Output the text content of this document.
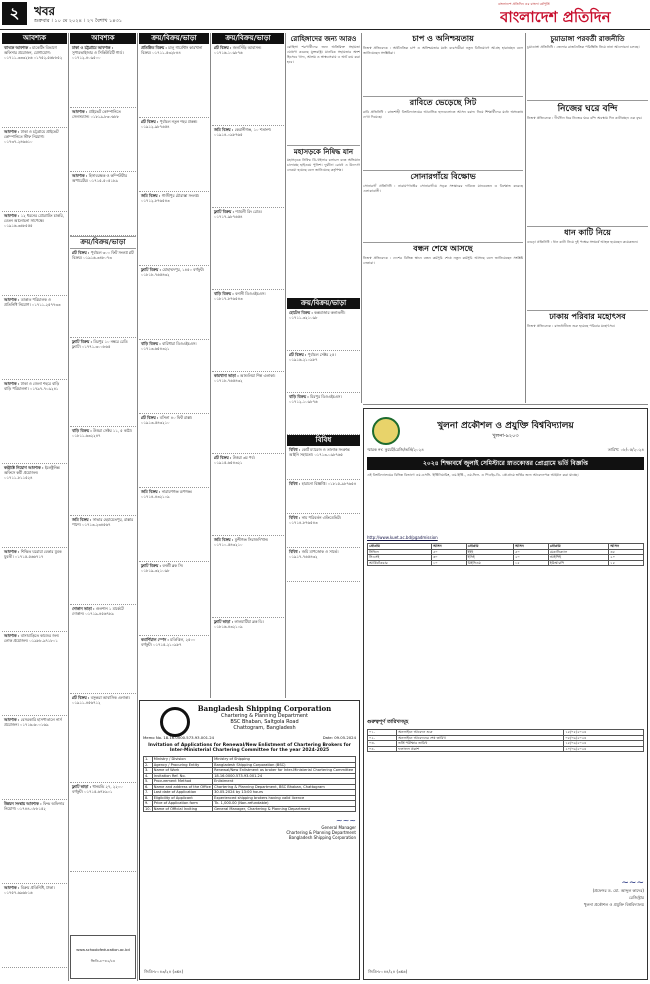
২	খবর
শুক্রবার । ১০ মে ২০২৪ । ২৭ বৈশাখ ১৪৩১
বাংলাদেশ প্রতিদিন এর বাংলা বর্ষপূর্তি
বাংলাদেশ প্রতিদিন
আবশ্যক
ব্যাংকে আবশ্যক : মাকেটিং বিভাগে অফিসার প্রয়োজন, যোগাযোগ: ০১৭১১-৩৩৩২৮৬ ০১৭৫২-৫৬৮৮৫২
আবশ্যক : ঢাকা ও চট্টগ্রামে প্রাইভেট কোম্পানিতে স্টাফ নিয়োগ। ০১৭৩৭-২৪৬৬১০
আবশ্যক : ১২ ধরনের প্রোগ্রামিং চাকরি, বেতন আলোচনা সাপেক্ষে। ০১৯১৬-৩৬৮৫৫৫
আবশ্যক : ডাকাত পরিচালক ও প্রতিনিধি নিয়োগ। ০১৭১১-২৫৭৭৩৩
আবশ্যক : ঢাকা ও জেলা শহরে বাড়ি বাড়ি পরিচালনা। ০১৭৯৭-৭০৯২৪১
কন্ট্রাক্টে নিয়োগ আবশ্যক : ইলেক্ট্রনিক্স অফিসে কর্মী প্রয়োজন। ০১৭১১-৮১১৫২৪
আবশ্যক : শিক্ষিত ঘরোয়া বেকার যুবক যুবতী। ০১৭১৫-৫৬৬৭১৭
আবশ্যক : বাসাবাড়িতে কাজের জন্য লোক প্রয়োজন। ০১৯৮৮-৯৭১৮০১
আবশ্যক : বেসরকারি হাসপাতালে নার্স প্রয়োজন। ০১৭১৬-৬০০১৬৯
উন্নয়ন সংস্থায় আবশ্যক : ফিল্ড অফিসার নিয়োগ। ০১৭৪৪-০৮৮১৫২
আবশ্যক : বিক্রয় প্রতিনিধি, ঢাকা। ০১৭৫৭-৬৯৬৮১৬
আবশ্যক
ঢাকা ও চট্টগ্রামে আবশ্যক : সুপারভাইজার ও সিকিউরিটি গার্ড। ০১৭১২-৪০৯৫০০
আবশ্যক : প্রাইভেট কোম্পানিতে সেলসম্যান। ০১৮১৯-৮৩০৬৮৮
আবশ্যক : হিসাবরক্ষক ও কম্পিউটার অপারেটর। ০১৭১৫-৫০৫১৮৯
ক্রয়/বিক্রয়/ভাড়া
প্লট বিক্রয় : পূর্বাচল ৩০০ ফিট সংলগ্ন প্লট বিক্রয়। ০১৯১৬-৩৪৮০৭৩
ফ্ল্যাট বিক্রয় : মিরপুর ১০ নম্বরে রেডি ফ্ল্যাট। ০১৭৭১-৩০০৮৬৫
বাড়ি বিক্রয় : উত্তরা সেক্টর ১১, ৫ কাঠা। ০১৮১১-৬৩২২৪৭
জমি বিক্রয় : সাভার হেমায়েতপুর, রাস্তার পাশে। ০১৭১৩-২৩৪৫৬৭
দোকান ভাড়া : গুলশান ১ মার্কেটে দোকান। ০১৭১৯-৪৫৬৭৮৯
প্লট বিক্রয় : বসুন্ধরা আবাসিক এলাকা। ০১৯১১-৪৫৬৭১২
ফ্ল্যাট ভাড়া : ধানমন্ডি ২৭, ২২০০ বর্গফুট। ০১৭১৫-৬৭৮৯০১
ক্রয়/বিক্রয়/ভাড়া
প্রতিষ্ঠিত বিক্রয় : চালু গার্মেন্টস কারখানা বিক্রয়। ০১৭১১-৫৩২৮৪৪
প্লট বিক্রয় : পূর্বাচল নতুন শহর প্রকল্প। ০১৯১২-৯৮৭৬৫৪
জমি বিক্রয় : গাজীপুর চৌরাস্তা সংলগ্ন। ০১৭১২-৮৭৬৫৪৩
ফ্ল্যাট বিক্রয় : মোহাম্মদপুর, ১৪৫০ বর্গফুট। ০১৮১৮-৭৬৫৪৩২
বাড়ি বিক্রয় : বারিধারা ডিওএইচএস। ০১৭১৩-৬৫৪৩২১
প্লট বিক্রয় : বসিলা ৪০ ফিট রাস্তা। ০১৯১৩-৫৪৩২১০
জমি বিক্রয় : নারায়ণগঞ্জ রূপগঞ্জ। ০১৭১৪-৪৩২১০৯
ফ্ল্যাট বিক্রয় : বনশ্রী ব্লক সি। ০১৮১৯-৩২১০৯৮
কমার্শিয়াল স্পেস : মতিঝিল, ২৫০০ বর্গফুট। ০১৭১৫-২১০৯৮৭
ক্রয়/বিক্রয়/ভাড়া
প্লট বিক্রয় : জলসিঁড়ি আবাসন। ০১৭১৬-১০৯৮৭৬
জমি বিক্রয় : কেরানীগঞ্জ, ১০ শতাংশ। ০১৯১৪-০৯৮৭৬৫
ফ্ল্যাট বিক্রয় : শ্যামলী রিং রোড। ০১৭১৭-৯৮৭৬৫৪
বাড়ি বিক্রয় : বনানী ডিওএইচএস। ০১৮১৭-৮৭৬৫৪৩
কারখানা ভাড়া : আশুলিয়া শিল্প এলাকা। ০১৭১৮-৭৬৫৪৩২
প্লট বিক্রয় : উত্তরা ৩য় পর্ব। ০১৯১৫-৬৫৪৩২১
জমি বিক্রয় : মুন্সীগঞ্জ সিরাজদিখান। ০১৭১০-৫৪৩২১০
ফ্ল্যাট ভাড়া : লালমাটিয়া ব্লক ডি। ০১৮১৬-৪৩২১০৯
রোহিঙ্গাদের জন্য আরও
রোহিঙ্গা শরণার্থীদের জন্য অতিরিক্ত সহায়তা ঘোষণা করেছে যুক্তরাষ্ট্র। মানবিক সহায়তার অংশ হিসেবে খাদ্য, আশ্রয় ও স্বাস্থ্যসেবায় এ অর্থ ব্যয় করা হবে।
মহাসড়কে নিষিদ্ধ যান
মহাসড়কে নিষিদ্ধ থ্রি-হুইলার চলাচল বন্ধে অভিযান চালাচ্ছে হাইওয়ে পুলিশ। দুর্ঘটনা রোধে এ উদ্যোগ নেওয়া হয়েছে বলে জানিয়েছে কর্তৃপক্ষ।
ক্রয়/বিক্রয়/ভাড়া
হোটেল বিক্রয় : কক্সবাজার কলাতলী। ০১৭১১-৩২১০৯৮
প্লট বিক্রয় : পূর্বাচল সেক্টর ২৫। ০১৯১৬-২১০৯৮৭
বাড়ি বিক্রয় : মিরপুর ডিওএইচএস। ০১৭১২-১০৯৮৭৬
বিবিধ
বিবিধ : কোর্ট ম্যারেজ ও তালাক সংক্রান্ত আইনি সহায়তা। ০১৭১৩-০৯৮৭৬৫
বিবিধ : হারানো বিজ্ঞপ্তি। ০১৮১৫-৯৮৭৬৫৪
বিবিধ : নাম পরিবর্তন এফিডেভিট। ০১৭১৪-৮৭৬৫৪৩
বিবিধ : জমি মাপজোক ও সার্ভে। ০১৯১৭-৭৬৫৪৩২
চাপ ও অনিশ্চয়তায়
নিজস্ব প্রতিবেদক : অর্থনৈতিক চাপ ও অনিশ্চয়তার মধ্যে ব্যবসায়ীরা নতুন বিনিয়োগে আগ্রহ হারাচ্ছেন বলে জানিয়েছেন সংশ্লিষ্টরা।
রাবিতে ভেড়েছে সিট
রাবি প্রতিনিধি : রাজশাহী বিশ্ববিদ্যালয়ের আবাসিক হলগুলোতে আসন বরাদ্দ নিয়ে শিক্ষার্থীদের মধ্যে অসন্তোষ দেখা দিয়েছে।
সোনারগাঁয়ে বিক্ষোভ
সোনারগাঁ প্রতিনিধি : নারায়ণগঞ্জের সোনারগাঁয়ে সড়ক সংস্কারের দাবিতে মানববন্ধন ও বিক্ষোভ করেছে এলাকাবাসী।
বন্ধন শেষে আসছে
নিজস্ব প্রতিবেদক : দেশের বিভিন্ন স্থানে বন্ধন কর্মসূচি শেষে নতুন কর্মসূচি আসছে বলে জানিয়েছেন সংশ্লিষ্ট নেতারা।
চুয়াডাঙ্গা পরবর্তী রাজনীতি
চুয়াডাঙ্গা প্রতিনিধি : জেলার রাজনৈতিক পরিস্থিতি নিয়ে নানা আলোচনা চলছে।
নিজের ঘরে বন্দি
নিজস্ব প্রতিবেদক : দীর্ঘদিন ধরে নিজের ঘরে বন্দি অবস্থায় দিন কাটাচ্ছেন এক বৃদ্ধ।
ধান কাটি নিয়ে
বগুড়া প্রতিনিধি : ধান কাটা নিয়ে দুই পক্ষের সংঘর্ষে আহত হয়েছেন কয়েকজন।
ঢাকায় পরিবার মহোৎসব
নিজস্ব প্রতিবেদক : রাজধানীতে শুরু হয়েছে পরিবার মহোৎসব।
খুলনা প্রকৌশল ও প্রযুক্তি বিশ্ববিদ্যালয়
খুলনা-৯২০৩
স্মারক নং: কুয়েট/রেজি/ভর্তি/২০২৪	তারিখ: ০৮/০৫/২০২৪
২০২৪ শিক্ষাবর্ষে জুলাই সেমিস্টারে স্নাতকোত্তর প্রোগ্রামে ভর্তি বিজ্ঞপ্তি
এই বিশ্ববিদ্যালয়ের বিভিন্ন বিভাগে এম.এসসি. ইঞ্জিনিয়ারিং, এম.ইঞ্জি., এম.ফিল. ও পিএইচ.ডি. প্রোগ্রামে ভর্তির জন্য আবেদনপত্র আহ্বান করা যাচ্ছে।
http://www.kuet.ac.bd/pgadmission
প্রোগ্রাম	আসন	প্রোগ্রাম	আসন	প্রোগ্রাম	আসন
সিভিল	৫০	ইইই	৫০	মেকানিক্যাল	৩৫
সিএসই	৩০	ইসিই	২০	আইপিই	২০
আর্কিটেকচার	১০	বিইসিএম	১৫	ইউআরপি	১৫
গুরুত্বপূর্ণ তারিখসমূহ
০১.	অনলাইনে আবেদন শুরু	১৫/০৫/২০২৪
০২.	অনলাইনে আবেদনের শেষ তারিখ	০৫/০৬/২০২৪
০৩.	ভর্তি পরীক্ষার তারিখ	১৫/০৬/২০২৪
০৪.	ফলাফল প্রকাশ	২০/০৬/২০২৪
~~~
(প্রফেসর ড. মো. আব্দুল কাদের)
রেজিস্ট্রার
খুলনা প্রকৌশল ও প্রযুক্তি বিশ্ববিদ্যালয়
জিডি-৮০৪৪/২৪ (৩x৬)
Bangladesh Shipping Corporation
Chartering & Planning Department
BSC Bhaban, Saltgola Road
Chattogram, Bangladesh
Memo No. 18.16.0000.573.93.001.24	Date: 09.05.2024
Invitation of Applications for Renewal/New Enlistment of Chartering Brokers for Inter-Ministerial Chartering Committee for the year 2024-2025
1.	Ministry / Division	Ministry of Shipping
2.	Agency / Procuring Entity	Bangladesh Shipping Corporation (BSC)
3.	Name of Work	Renewal/New Enlistment as broker for Inter-Ministerial Chartering Committee
4.	Invitation Ref. No.	18.16.0000.573.93.001.24
5.	Procurement Method	Enlistment
6.	Name and address of the Office	Chartering & Planning Department, BSC Bhaban, Chattogram
7.	Last date of Application	30.05.2024 by 13:00 hours
8.	Eligibility of Applicant	Experienced shipping brokers having valid licence
9.	Price of Application form	Tk. 1,000.00 (Non-refundable)
10.	Name of Official Inviting	General Manager, Chartering & Planning Department
~~~
General Manager
Chartering & Planning Department
Bangladesh Shipping Corporation
জিডি-৮০৪৩/২৪ (৩x৪)
www.schoolofeducation.ac.bd
জিডি-৮০৪২/২৪
